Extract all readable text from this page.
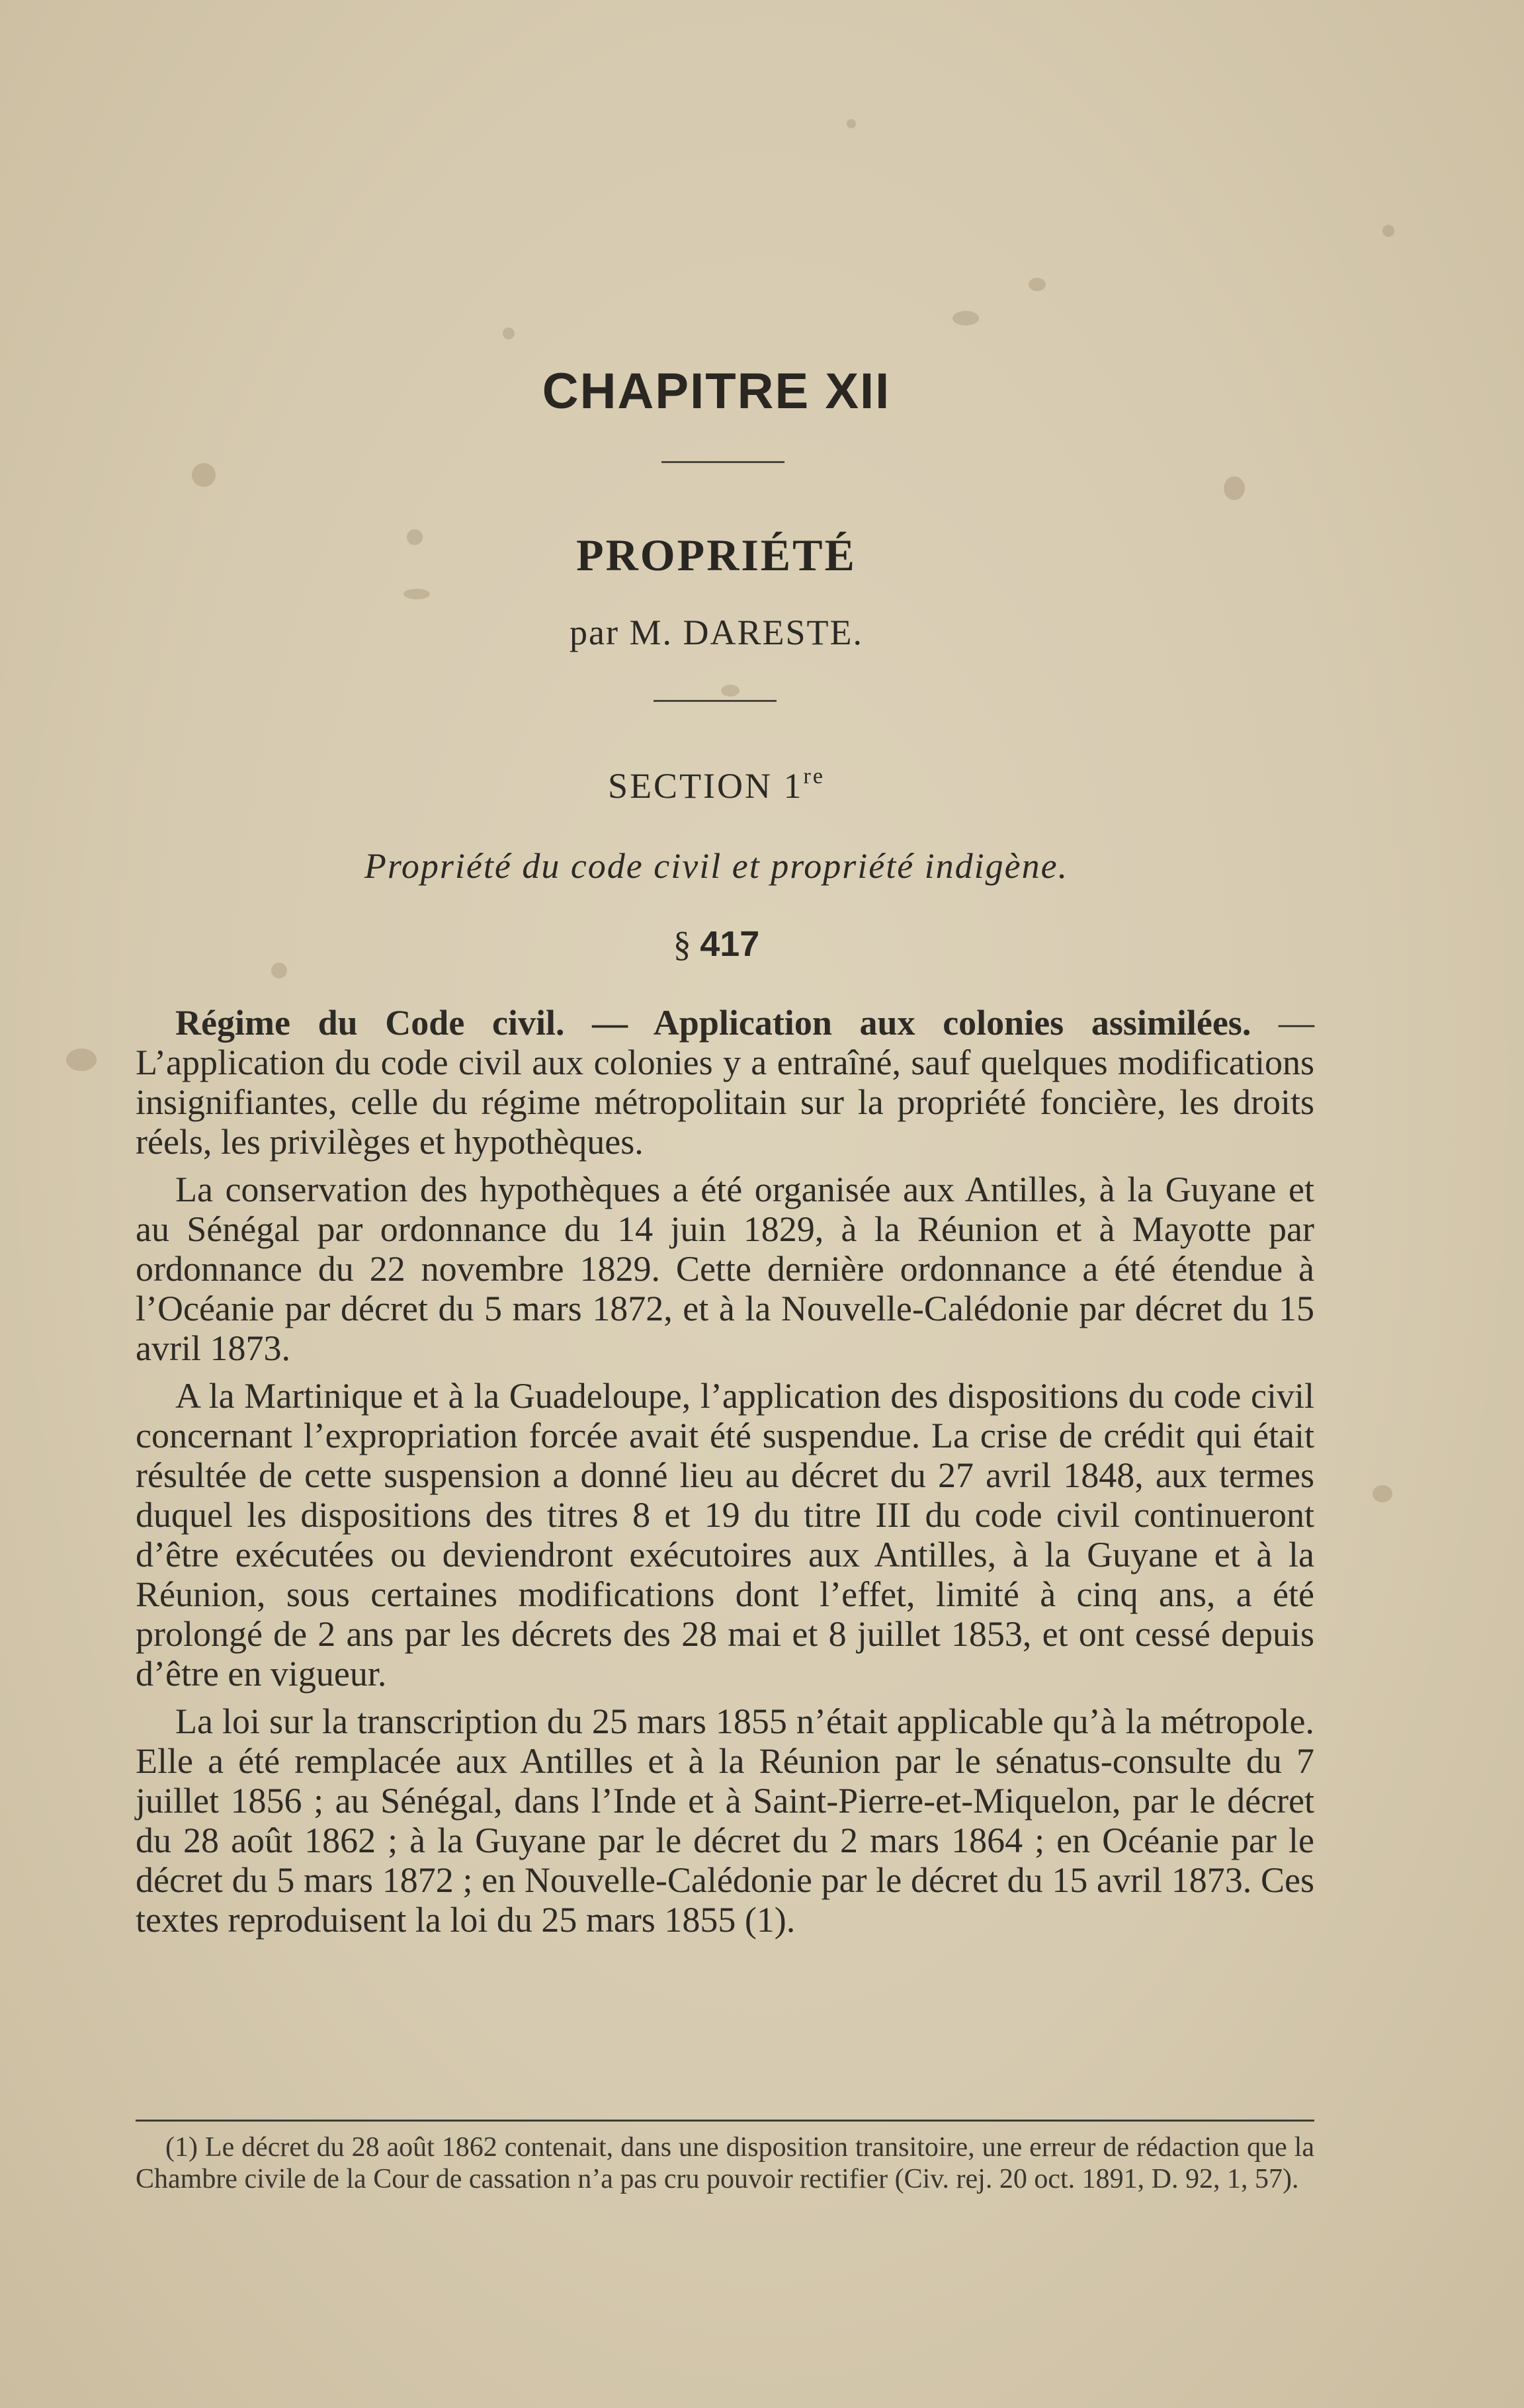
CHAPITRE XII
PROPRIÉTÉ
par M. DARESTE.
SECTION 1re
Propriété du code civil et propriété indigène.
§ 417

Régime du Code civil. — Application aux colonies assimilées. — L’application du code civil aux colonies y a entraîné, sauf quelques modifications insignifiantes, celle du régime métropolitain sur la propriété foncière, les droits réels, les privilèges et hypothèques.

La conservation des hypothèques a été organisée aux Antilles, à la Guyane et au Sénégal par ordonnance du 14 juin 1829, à la Réunion et à Mayotte par ordonnance du 22 novembre 1829. Cette dernière ordonnance a été étendue à l’Océanie par décret du 5 mars 1872, et à la Nouvelle-Calédonie par décret du 15 avril 1873.

A la Martinique et à la Guadeloupe, l’application des dispositions du code civil concernant l’expropriation forcée avait été suspendue. La crise de crédit qui était résultée de cette suspension a donné lieu au décret du 27 avril 1848, aux termes duquel les dispositions des titres 8 et 19 du titre III du code civil continueront d’être exécutées ou deviendront exécutoires aux Antilles, à la Guyane et à la Réunion, sous certaines modifications dont l’effet, limité à cinq ans, a été prolongé de 2 ans par les décrets des 28 mai et 8 juillet 1853, et ont cessé depuis d’être en vigueur.

La loi sur la transcription du 25 mars 1855 n’était applicable qu’à la métropole. Elle a été remplacée aux Antilles et à la Réunion par le sénatus-consulte du 7 juillet 1856 ; au Sénégal, dans l’Inde et à Saint-Pierre-et-Miquelon, par le décret du 28 août 1862 ; à la Guyane par le décret du 2 mars 1864 ; en Océanie par le décret du 5 mars 1872 ; en Nouvelle-Calédonie par le décret du 15 avril 1873. Ces textes reproduisent la loi du 25 mars 1855 (1).

(1) Le décret du 28 août 1862 contenait, dans une disposition transitoire, une erreur de rédaction que la Chambre civile de la Cour de cassation n’a pas cru pouvoir rectifier (Civ. rej. 20 oct. 1891, D. 92, 1, 57).
